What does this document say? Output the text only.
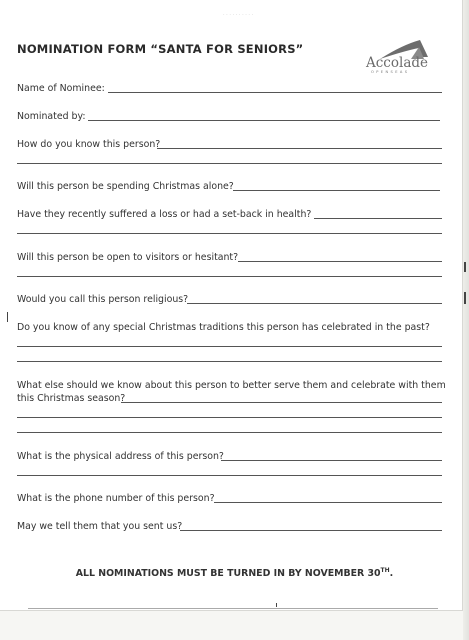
· · · · · · · · · ·
NOMINATION FORM “SANTA FOR SENIORS”
Accolade
OPENSEAS
Name of Nominee:
Nominated by:
How do you know this person?
Will this person be spending Christmas alone?
Have they recently suffered a loss or had a set-back in health?
Will this person be open to visitors or hesitant?
Would you call this person religious?
Do you know of any special Christmas traditions this person has celebrated in the past?
What else should we know about this person to better serve them and celebrate with them
this Christmas season?
What is the physical address of this person?
What is the phone number of this person?
May we tell them that you sent us?
ALL NOMINATIONS MUST BE TURNED IN BY NOVEMBER 30TH.
